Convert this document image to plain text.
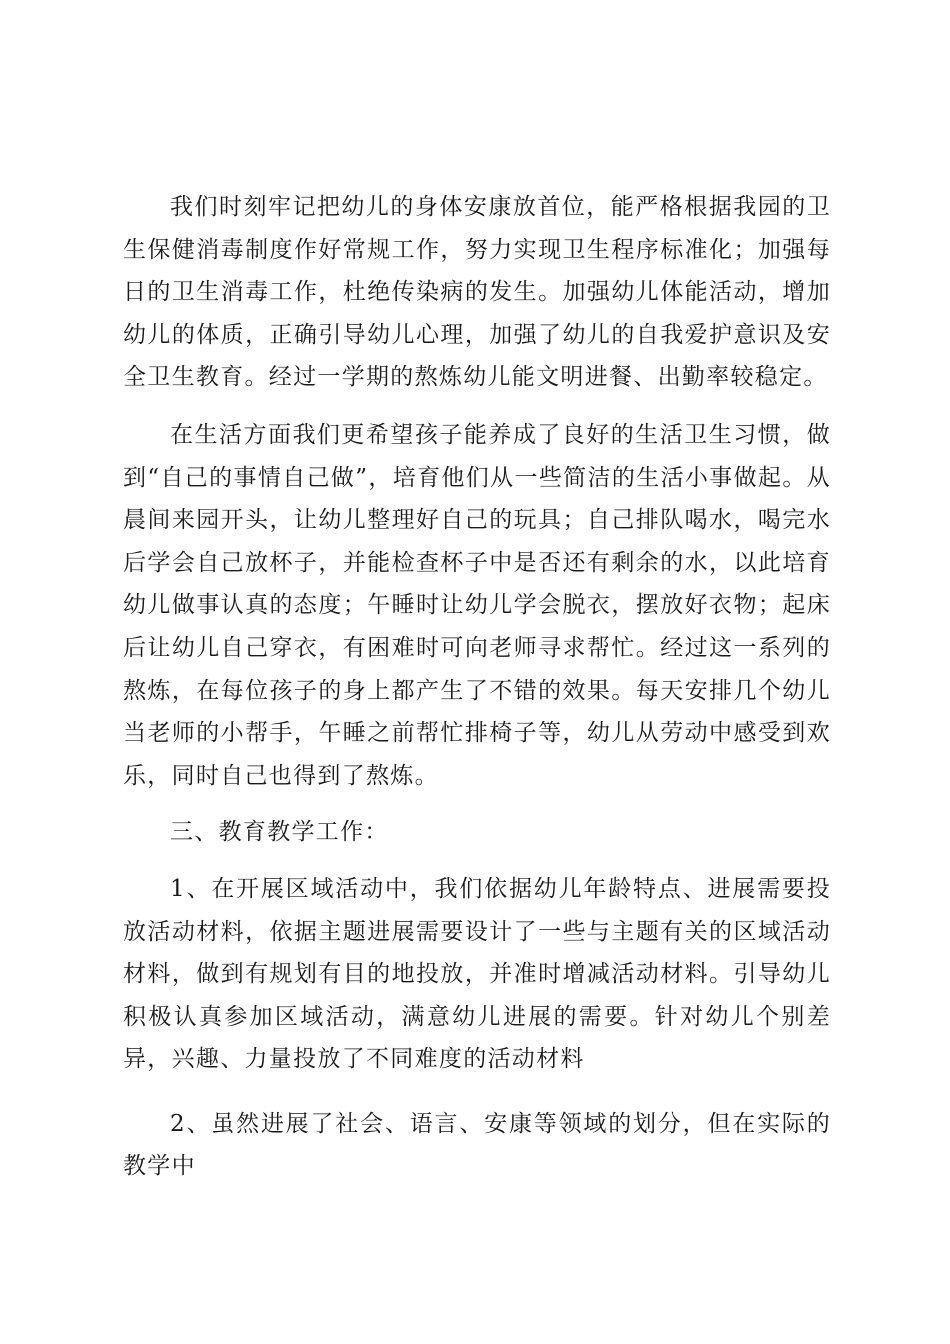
我们时刻牢记把幼儿的身体安康放首位，能严格根据我园的卫生保健消毒制度作好常规工作，努力实现卫生程序标准化；加强每日的卫生消毒工作，杜绝传染病的发生。加强幼儿体能活动，增加幼儿的体质，正确引导幼儿心理，加强了幼儿的自我爱护意识及安全卫生教育。经过一学期的熬炼幼儿能文明进餐、出勤率较稳定。

在生活方面我们更希望孩子能养成了良好的生活卫生习惯，做到“自己的事情自己做”，培育他们从一些简洁的生活小事做起。从晨间来园开头，让幼儿整理好自己的玩具；自己排队喝水，喝完水后学会自己放杯子，并能检查杯子中是否还有剩余的水，以此培育幼儿做事认真的态度；午睡时让幼儿学会脱衣，摆放好衣物；起床后让幼儿自己穿衣，有困难时可向老师寻求帮忙。经过这一系列的熬炼，在每位孩子的身上都产生了不错的效果。每天安排几个幼儿当老师的小帮手，午睡之前帮忙排椅子等，幼儿从劳动中感受到欢乐，同时自己也得到了熬炼。

三、教育教学工作：

1、在开展区域活动中，我们依据幼儿年龄特点、进展需要投放活动材料，依据主题进展需要设计了一些与主题有关的区域活动材料，做到有规划有目的地投放，并准时增减活动材料。引导幼儿积极认真参加区域活动，满意幼儿进展的需要。针对幼儿个别差异，兴趣、力量投放了不同难度的活动材料

2、虽然进展了社会、语言、安康等领域的划分，但在实际的教学中
